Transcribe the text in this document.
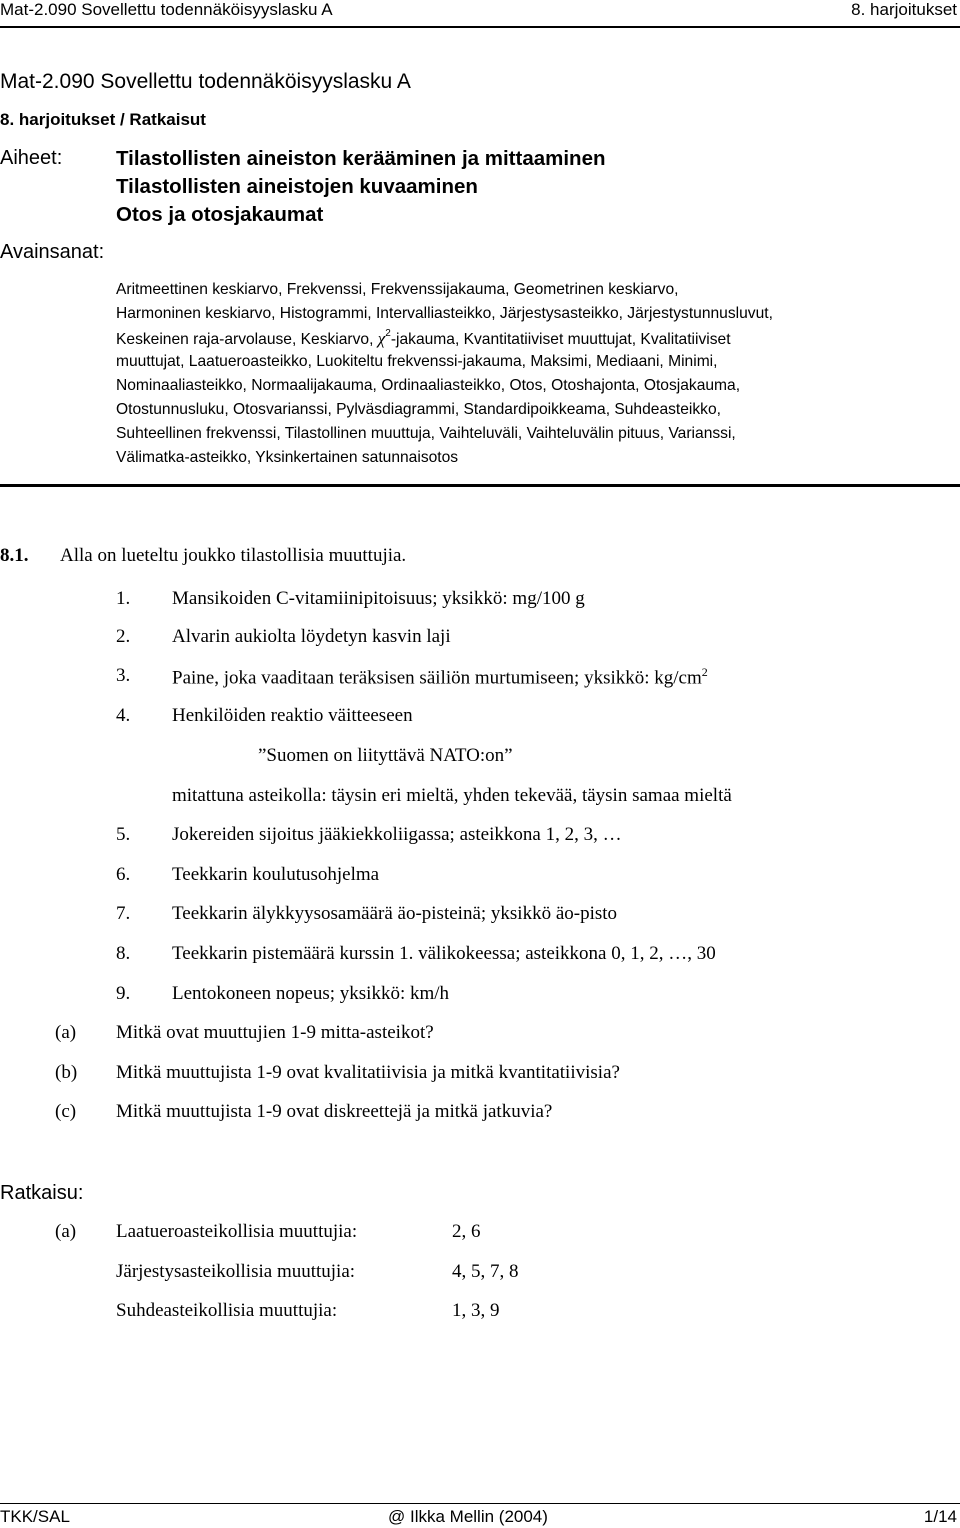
Mat-2.090 Sovellettu todennäköisyyslasku A	8. harjoitukset
Mat-2.090 Sovellettu todennäköisyyslasku A
8. harjoitukset / Ratkaisut
Aiheet:	Tilastollisten aineiston kerääminen ja mittaaminen
Tilastollisten aineistojen kuvaaminen
Otos ja otosjakaumat
Avainsanat:
Aritmeettinen keskiarvo, Frekvenssi, Frekvenssijakauma, Geometrinen keskiarvo,
Harmoninen keskiarvo, Histogrammi, Intervalliasteikko, Järjestysasteikko, Järjestystunnusluvut,
Keskeinen raja-arvolause, Keskiarvo, $\chi^2$-jakauma, Kvantitatiiviset muuttujat, Kvalitatiiviset
muuttujat, Laatueroasteikko, Luokiteltu frekvenssi-jakauma, Maksimi, Mediaani, Minimi,
Nominaaliasteikko, Normaalijakauma, Ordinaaliasteikko, Otos, Otoshajonta, Otosjakauma,
Otostunnusluku, Otosvarianssi, Pylväsdiagrammi, Standardipoikkeama, Suhdeasteikko,
Suhteellinen frekvenssi, Tilastollinen muuttuja, Vaihteluväli, Vaihteluvälin pituus, Varianssi,
Välimatka-asteikko, Yksinkertainen satunnaisotos
8.1. Alla on lueteltu joukko tilastollisia muuttujia.
1. Mansikoiden C-vitamiinipitoisuus; yksikkö: mg/100 g
2. Alvarin aukiolta löydetyn kasvin laji
3. Paine, joka vaaditaan teräksisen säiliön murtumiseen; yksikkö: $kg/cm^2$
4. Henkilöiden reaktio väitteeseen
”Suomen on liityttävä NATO:on”
mitattuna asteikolla: täysin eri mieltä, yhden tekevää, täysin samaa mieltä
5. Jokereiden sijoitus jääkiekkoliigassa; asteikkona 1, 2, 3, …
6. Teekkarin koulutusohjelma
7. Teekkarin älykkyysosamäärä äo-pisteinä; yksikkö äo-pisto
8. Teekkarin pistemäärä kurssin 1. välikokeessa; asteikkona 0, 1, 2, …, 30
9. Lentokoneen nopeus; yksikkö: km/h
(a) Mitkä ovat muuttujien 1-9 mitta-asteikot?
(b) Mitkä muuttujista 1-9 ovat kvalitatiivisia ja mitkä kvantitatiivisia?
(c) Mitkä muuttujista 1-9 ovat diskreettejä ja mitkä jatkuvia?
Ratkaisu:
(a) Laatueroasteikollisia muuttujia:	2, 6
Järjestysasteikollisia muuttujia:	4, 5, 7, 8
Suhdeasteikollisia muuttujia:	1, 3, 9
TKK/SAL	@ Ilkka Mellin (2004)	1/14
